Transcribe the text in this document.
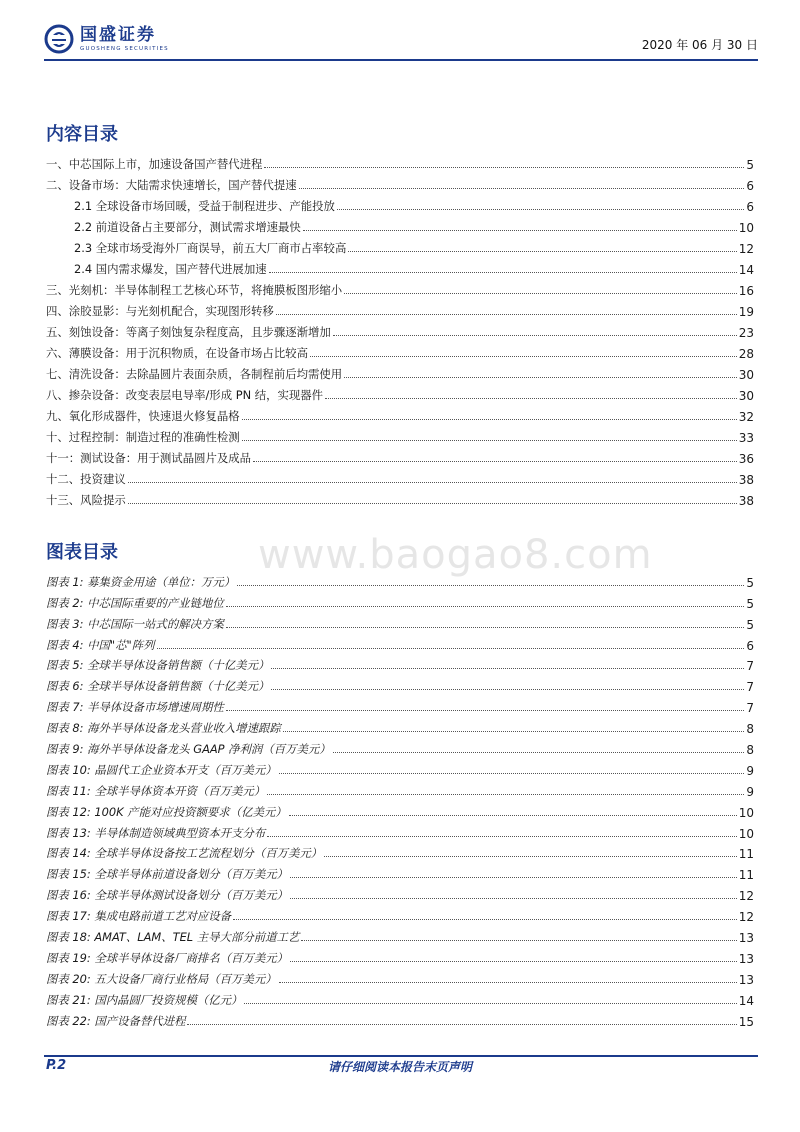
国盛证券
GUOSHENG SECURITIES	2020 年 06 月 30 日
内容目录
一、中芯国际上市，加速设备国产替代进程	5
二、设备市场：大陆需求快速增长，国产替代提速	6
2.1 全球设备市场回暖，受益于制程进步、产能投放	6
2.2 前道设备占主要部分，测试需求增速最快	10
2.3 全球市场受海外厂商误导，前五大厂商市占率较高	12
2.4 国内需求爆发，国产替代进展加速	14
三、光刻机：半导体制程工艺核心环节，将掩膜板图形缩小	16
四、涂胶显影：与光刻机配合，实现图形转移	19
五、刻蚀设备：等离子刻蚀复杂程度高，且步骤逐渐增加	23
六、薄膜设备：用于沉积物质，在设备市场占比较高	28
七、清洗设备：去除晶圆片表面杂质，各制程前后均需使用	30
八、掺杂设备：改变表层电导率/形成 PN 结，实现器件	30
九、氧化形成器件，快速退火修复晶格	32
十、过程控制：制造过程的准确性检测	33
十一：测试设备：用于测试晶圆片及成品	36
十二、投资建议	38
十三、风险提示	38
www.baogao8.com
图表目录
图表 1: 募集资金用途（单位：万元）	5
图表 2: 中芯国际重要的产业链地位	5
图表 3: 中芯国际一站式的解决方案	5
图表 4: 中国"芯"阵列	6
图表 5: 全球半导体设备销售额（十亿美元）	7
图表 6: 全球半导体设备销售额（十亿美元）	7
图表 7: 半导体设备市场增速周期性	7
图表 8: 海外半导体设备龙头营业收入增速跟踪	8
图表 9: 海外半导体设备龙头 GAAP 净利润（百万美元）	8
图表 10: 晶圆代工企业资本开支（百万美元）	9
图表 11: 全球半导体资本开资（百万美元）	9
图表 12: 100K 产能对应投资额要求（亿美元）	10
图表 13: 半导体制造领域典型资本开支分布	10
图表 14: 全球半导体设备按工艺流程划分（百万美元）	11
图表 15: 全球半导体前道设备划分（百万美元）	11
图表 16: 全球半导体测试设备划分（百万美元）	12
图表 17: 集成电路前道工艺对应设备	12
图表 18: AMAT、LAM、TEL 主导大部分前道工艺	13
图表 19: 全球半导体设备厂商排名（百万美元）	13
图表 20: 五大设备厂商行业格局（百万美元）	13
图表 21: 国内晶圆厂投资规模（亿元）	14
图表 22: 国产设备替代进程	15
请仔细阅读本报告末页声明
P.2
